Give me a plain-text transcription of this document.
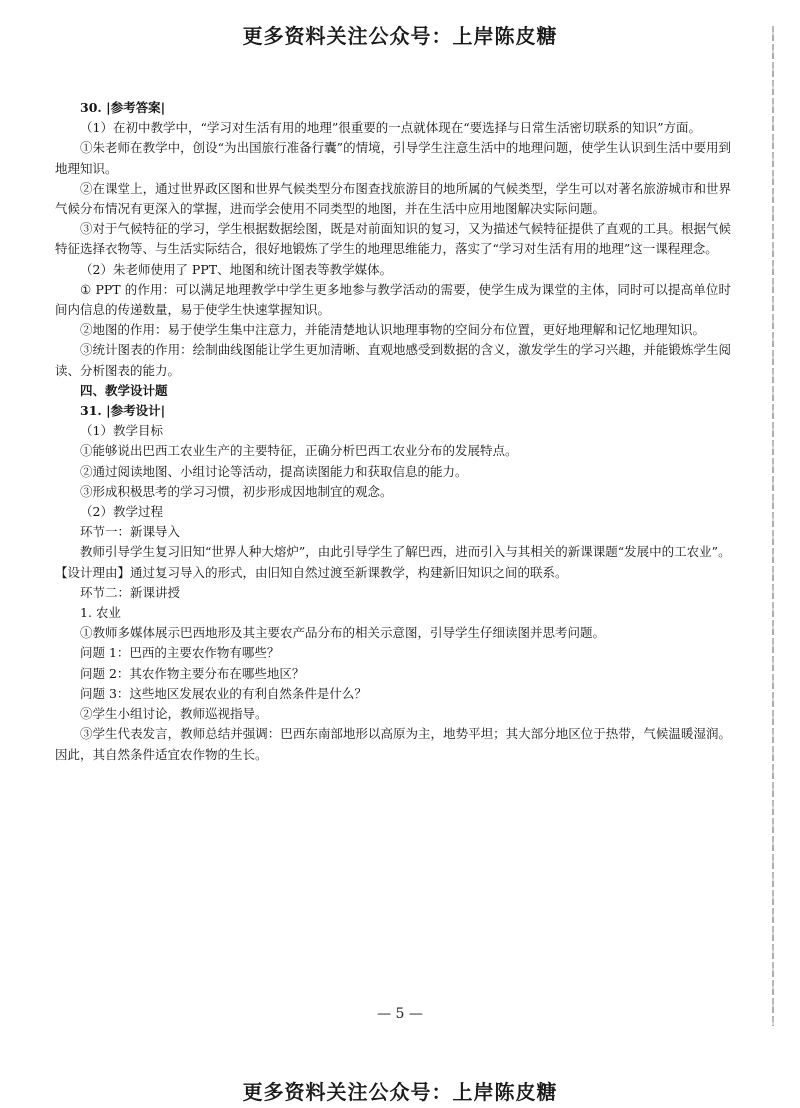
更多资料关注公众号：上岸陈皮糖

30. |参考答案|

（1）在初中教学中，“学习对生活有用的地理”很重要的一点就体现在“要选择与日常生活密切联系的知识”方面。

①朱老师在教学中，创设“为出国旅行准备行囊”的情境，引导学生注意生活中的地理问题，使学生认识到生活中要用到地理知识。

②在课堂上，通过世界政区图和世界气候类型分布图查找旅游目的地所属的气候类型，学生可以对著名旅游城市和世界气候分布情况有更深入的掌握，进而学会使用不同类型的地图，并在生活中应用地图解决实际问题。

③对于气候特征的学习，学生根据数据绘图，既是对前面知识的复习，又为描述气候特征提供了直观的工具。根据气候特征选择衣物等、与生活实际结合，很好地锻炼了学生的地理思维能力，落实了“学习对生活有用的地理”这一课程理念。

（2）朱老师使用了 PPT、地图和统计图表等教学媒体。

① PPT 的作用：可以满足地理教学中学生更多地参与教学活动的需要，使学生成为课堂的主体，同时可以提高单位时间内信息的传递数量，易于使学生快速掌握知识。

②地图的作用：易于使学生集中注意力，并能清楚地认识地理事物的空间分布位置，更好地理解和记忆地理知识。

③统计图表的作用：绘制曲线图能让学生更加清晰、直观地感受到数据的含义，激发学生的学习兴趣，并能锻炼学生阅读、分析图表的能力。

四、教学设计题

31. |参考设计|

（1）教学目标

①能够说出巴西工农业生产的主要特征，正确分析巴西工农业分布的发展特点。

②通过阅读地图、小组讨论等活动，提高读图能力和获取信息的能力。

③形成积极思考的学习习惯，初步形成因地制宜的观念。

（2）教学过程

环节一：新课导入

教师引导学生复习旧知“世界人种大熔炉”，由此引导学生了解巴西，进而引入与其相关的新课课题“发展中的工农业”。

【设计理由】通过复习导入的形式，由旧知自然过渡至新课教学，构建新旧知识之间的联系。

环节二：新课讲授

1. 农业

①教师多媒体展示巴西地形及其主要农产品分布的相关示意图，引导学生仔细读图并思考问题。

问题 1：巴西的主要农作物有哪些？

问题 2：其农作物主要分布在哪些地区？

问题 3：这些地区发展农业的有利自然条件是什么？

②学生小组讨论，教师巡视指导。

③学生代表发言，教师总结并强调：巴西东南部地形以高原为主，地势平坦；其大部分地区位于热带，气候温暖湿润。因此，其自然条件适宜农作物的生长。

— 5 —
更多资料关注公众号：上岸陈皮糖
